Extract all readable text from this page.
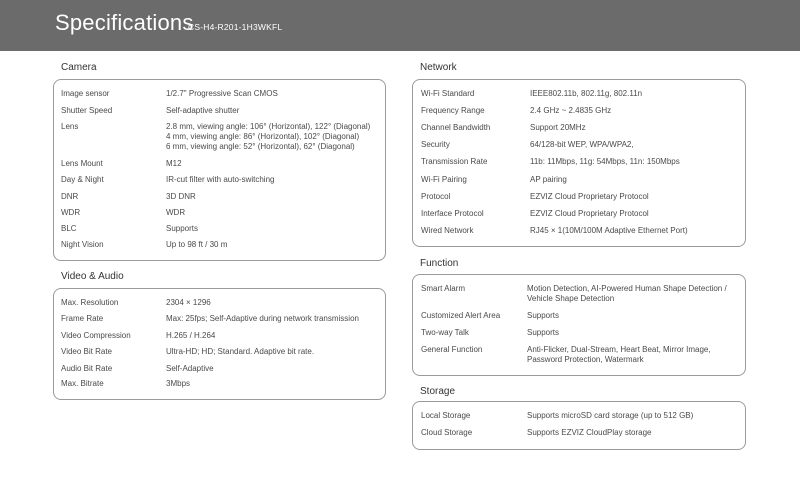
Specifications
CS-H4-R201-1H3WKFL
Camera
Image sensor	1/2.7" Progressive Scan CMOS
Shutter Speed	Self-adaptive shutter
Lens	2.8 mm, viewing angle: 106° (Horizontal), 122° (Diagonal)
4 mm, viewing angle: 86° (Horizontal), 102° (Diagonal)
6 mm, viewing angle: 52° (Horizontal), 62° (Diagonal)
Lens Mount	M12
Day & Night	IR-cut filter with auto-switching
DNR	3D DNR
WDR	WDR
BLC	Supports
Night Vision	Up to 98 ft / 30 m
Video & Audio
Max. Resolution	2304 × 1296
Frame Rate	Max: 25fps; Self-Adaptive during network transmission
Video Compression	H.265 / H.264
Video Bit Rate	Ultra-HD; HD; Standard. Adaptive bit rate.
Audio Bit Rate	Self-Adaptive
Max. Bitrate	3Mbps
Network
Wi-Fi Standard	IEEE802.11b, 802.11g, 802.11n
Frequency Range	2.4 GHz ~ 2.4835 GHz
Channel Bandwidth	Support 20MHz
Security	64/128-bit WEP, WPA/WPA2,
Transmission Rate	11b: 11Mbps, 11g: 54Mbps, 11n: 150Mbps
Wi-Fi Pairing	AP pairing
Protocol	EZVIZ Cloud Proprietary Protocol
Interface Protocol	EZVIZ Cloud Proprietary Protocol
Wired Network	RJ45 × 1(10M/100M Adaptive Ethernet Port)
Function
Smart Alarm	Motion Detection, AI-Powered Human Shape Detection /
Vehicle Shape Detection
Customized Alert Area	Supports
Two-way Talk	Supports
General Function	Anti-Flicker, Dual-Stream, Heart Beat, Mirror Image,
Password Protection, Watermark
Storage
Local Storage	Supports microSD card storage (up to 512 GB)
Cloud Storage	Supports EZVIZ CloudPlay storage
